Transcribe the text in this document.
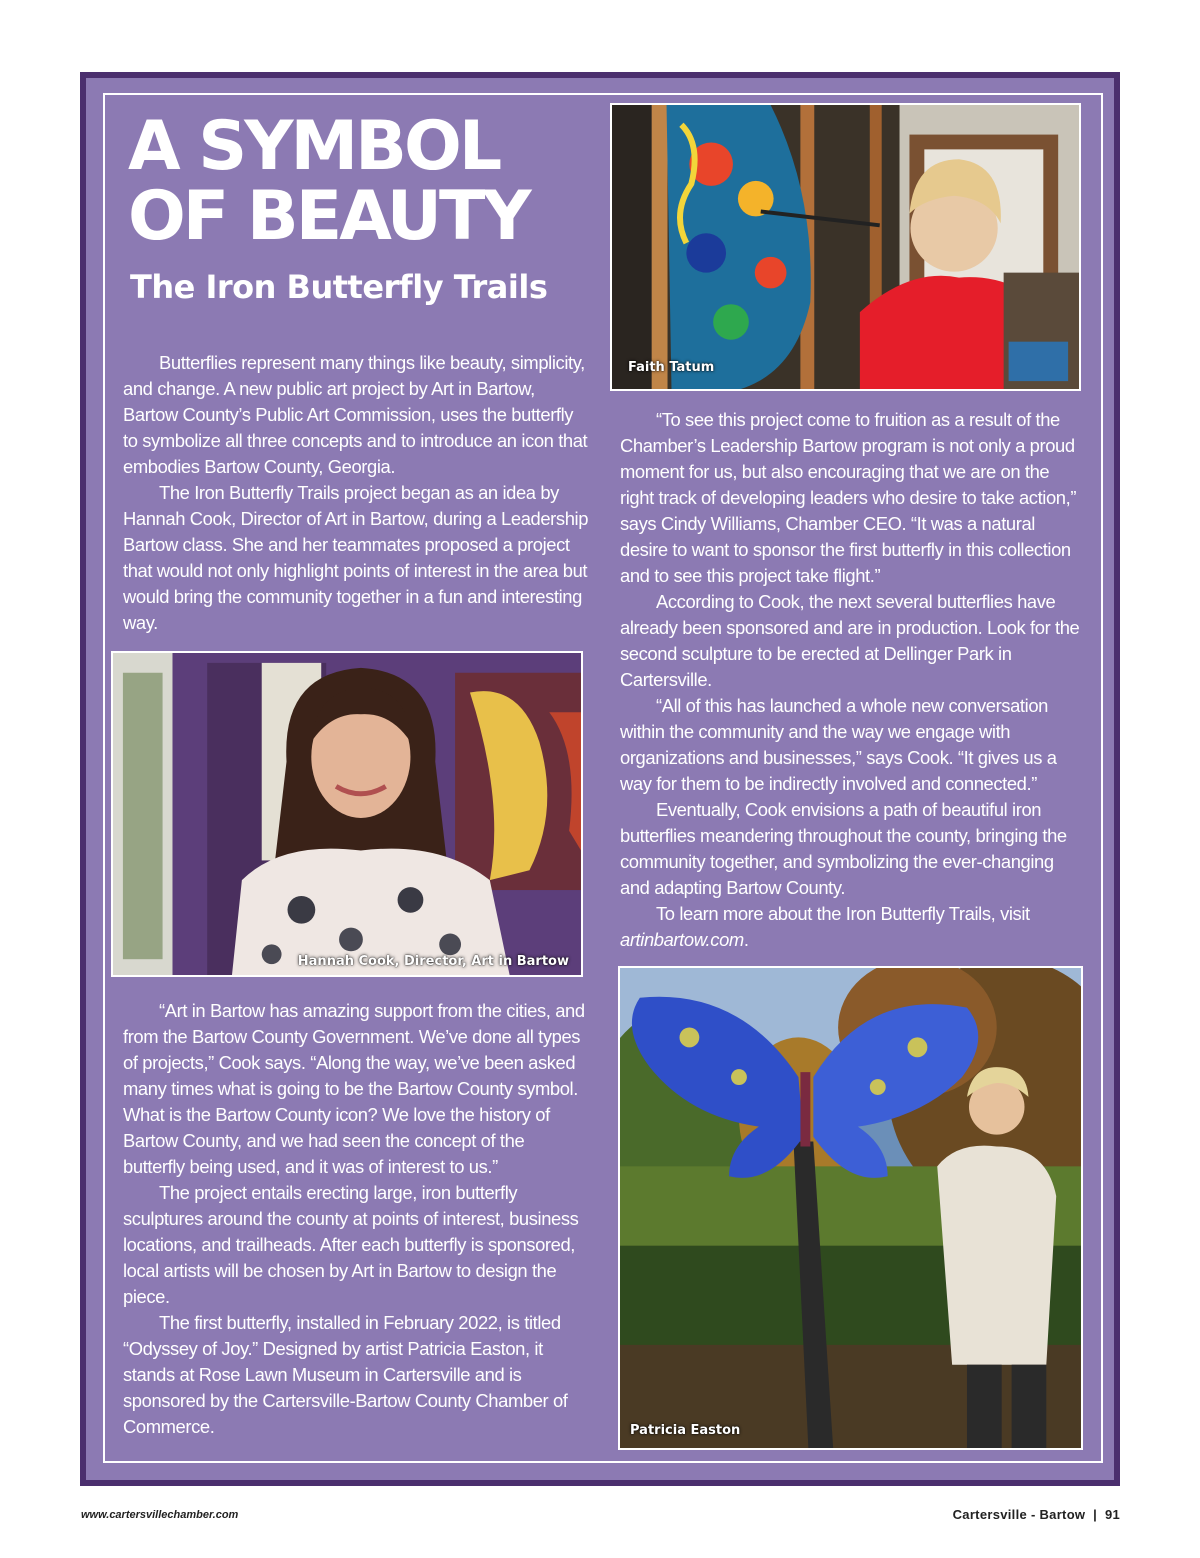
A SYMBOL
OF BEAUTY
The Iron Butterfly Trails

Butterflies represent many things like beauty, simplicity, and change. A new public art project by Art in Bartow, Bartow County’s Public Art Commission, uses the butterfly to symbolize all three concepts and to introduce an icon that embodies Bartow County, Georgia.

The Iron Butterfly Trails project began as an idea by Hannah Cook, Director of Art in Bartow, during a Leadership Bartow class. She and her teammates proposed a project that would not only highlight points of interest in the area but would bring the community together in a fun and interesting way.

Faith Tatum
Hannah Cook, Director, Art in Bartow

“Art in Bartow has amazing support from the cities, and from the Bartow County Government. We’ve done all types of projects,” Cook says. “Along the way, we’ve been asked many times what is going to be the Bartow County symbol. What is the Bartow County icon? We love the history of Bartow County, and we had seen the concept of the butterfly being used, and it was of interest to us.”

The project entails erecting large, iron butterfly sculptures around the county at points of interest, business locations, and trailheads. After each butterfly is sponsored, local artists will be chosen by Art in Bartow to design the piece.

The first butterfly, installed in February 2022, is titled “Odyssey of Joy.” Designed by artist Patricia Easton, it stands at Rose Lawn Museum in Cartersville and is sponsored by the Cartersville-Bartow County Chamber of Commerce.

“To see this project come to fruition as a result of the Chamber’s Leadership Bartow program is not only a proud moment for us, but also encouraging that we are on the right track of developing leaders who desire to take action,” says Cindy Williams, Chamber CEO. “It was a natural desire to want to sponsor the first butterfly in this collection and to see this project take flight.”

According to Cook, the next several butterflies have already been sponsored and are in production. Look for the second sculpture to be erected at Dellinger Park in Cartersville.

“All of this has launched a whole new conversation within the community and the way we engage with organizations and businesses,” says Cook. “It gives us a way for them to be indirectly involved and connected.”

Eventually, Cook envisions a path of beautiful iron butterflies meandering throughout the county, bringing the community together, and symbolizing the ever-changing and adapting Bartow County.

To learn more about the Iron Butterfly Trails, visit artinbartow.com.

Patricia Easton
www.cartersvillechamber.com	Cartersville - Bartow | 91
